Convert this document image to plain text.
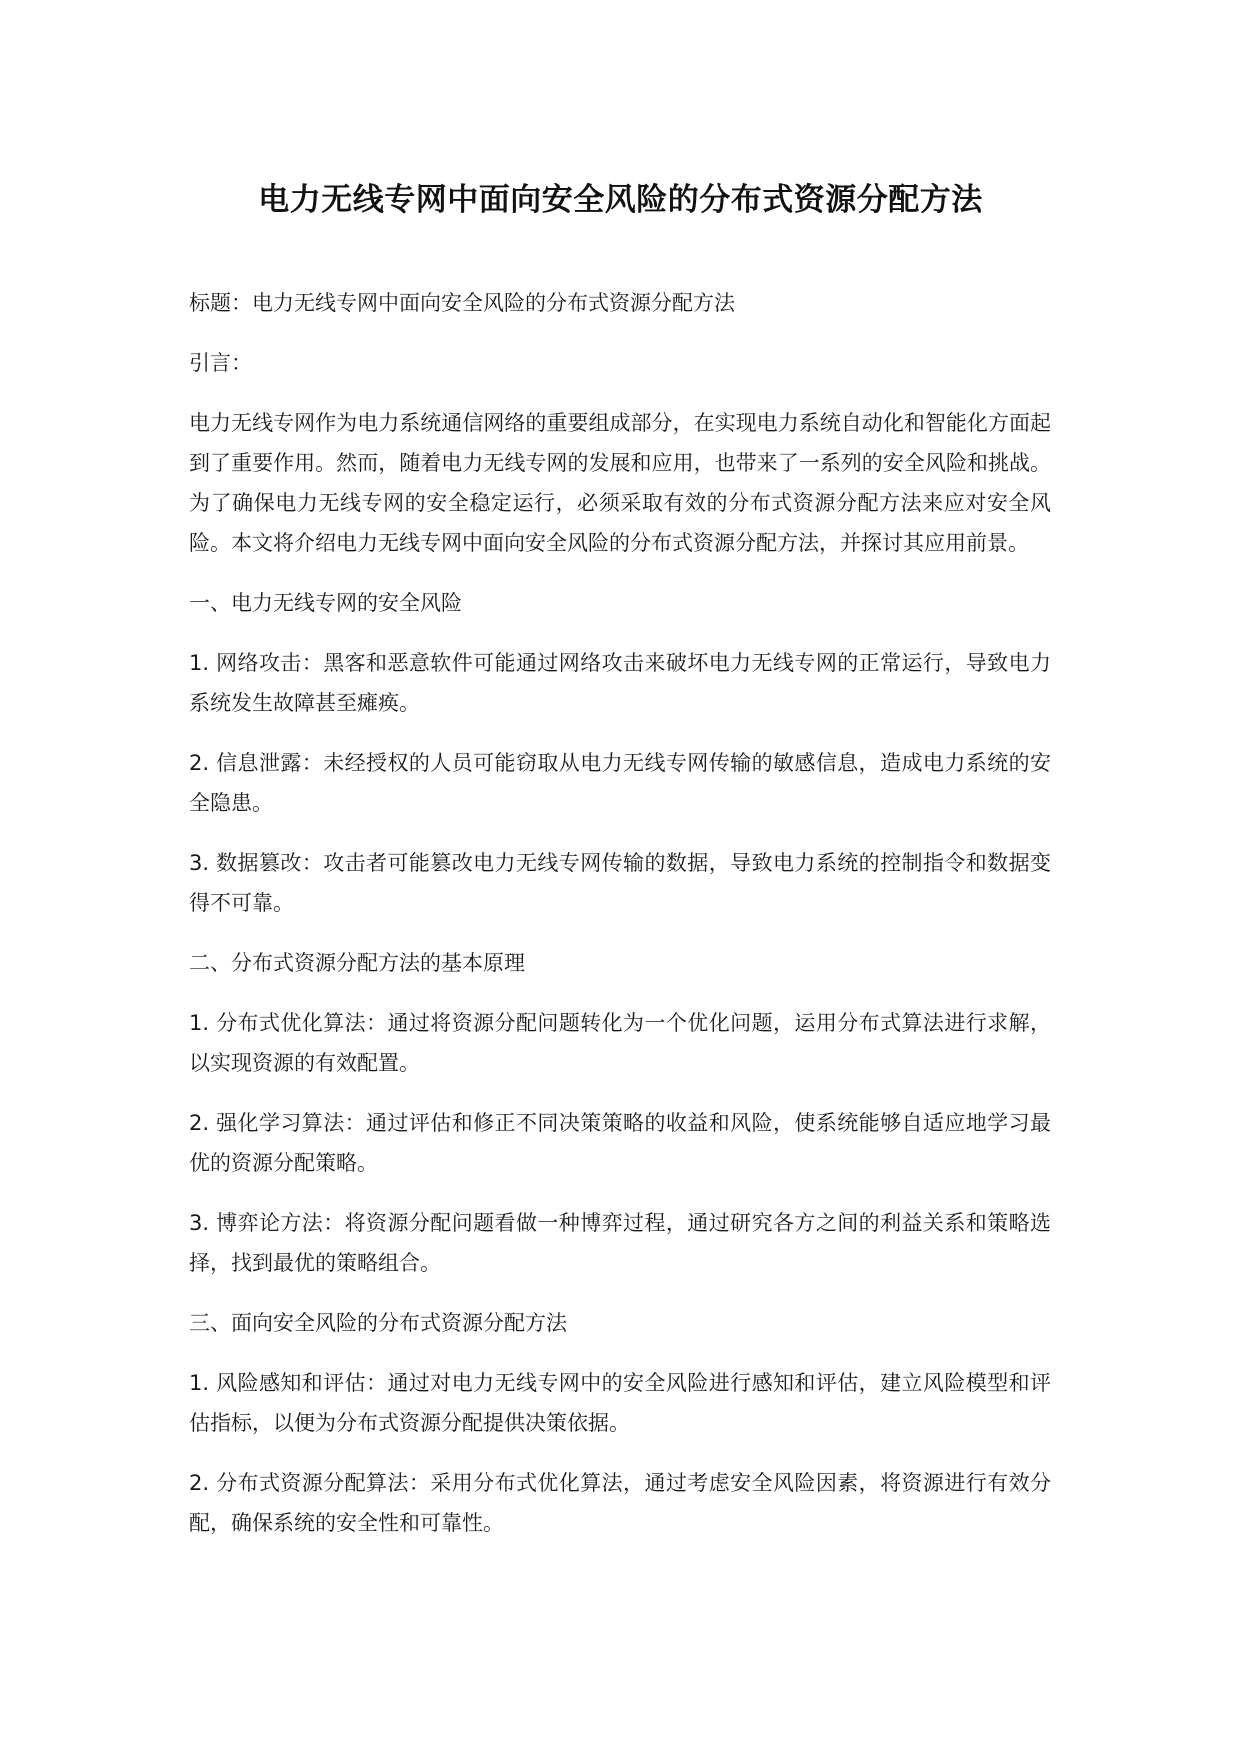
电力无线专网中面向安全风险的分布式资源分配方法

标题：电力无线专网中面向安全风险的分布式资源分配方法

引言：

电力无线专网作为电力系统通信网络的重要组成部分，在实现电力系统自动化和智能化方面起到了重要作用。然而，随着电力无线专网的发展和应用，也带来了一系列的安全风险和挑战。为了确保电力无线专网的安全稳定运行，必须采取有效的分布式资源分配方法来应对安全风险。本文将介绍电力无线专网中面向安全风险的分布式资源分配方法，并探讨其应用前景。

一、电力无线专网的安全风险

1. 网络攻击：黑客和恶意软件可能通过网络攻击来破坏电力无线专网的正常运行，导致电力系统发生故障甚至瘫痪。

2. 信息泄露：未经授权的人员可能窃取从电力无线专网传输的敏感信息，造成电力系统的安全隐患。

3. 数据篡改：攻击者可能篡改电力无线专网传输的数据，导致电力系统的控制指令和数据变得不可靠。

二、分布式资源分配方法的基本原理

1. 分布式优化算法：通过将资源分配问题转化为一个优化问题，运用分布式算法进行求解，以实现资源的有效配置。

2. 强化学习算法：通过评估和修正不同决策策略的收益和风险，使系统能够自适应地学习最优的资源分配策略。

3. 博弈论方法：将资源分配问题看做一种博弈过程，通过研究各方之间的利益关系和策略选择，找到最优的策略组合。

三、面向安全风险的分布式资源分配方法

1. 风险感知和评估：通过对电力无线专网中的安全风险进行感知和评估，建立风险模型和评估指标，以便为分布式资源分配提供决策依据。

2. 分布式资源分配算法：采用分布式优化算法，通过考虑安全风险因素，将资源进行有效分配，确保系统的安全性和可靠性。
